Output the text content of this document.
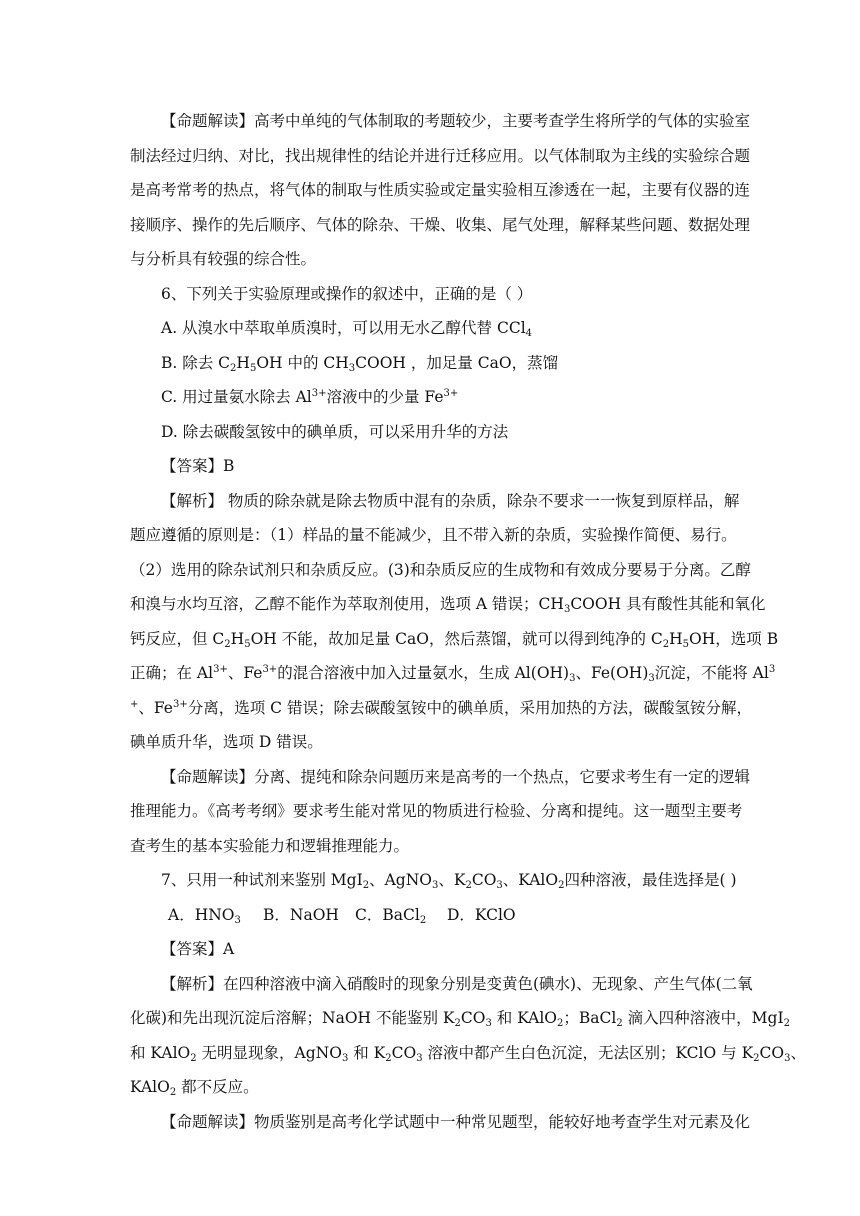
【命题解读】高考中单纯的气体制取的考题较少，主要考查学生将所学的气体的实验室
制法经过归纳、对比，找出规律性的结论并进行迁移应用。以气体制取为主线的实验综合题
是高考常考的热点，将气体的制取与性质实验或定量实验相互渗透在一起，主要有仪器的连
接顺序、操作的先后顺序、气体的除杂、干燥、收集、尾气处理，解释某些问题、数据处理
与分析具有较强的综合性。
6、下列关于实验原理或操作的叙述中，正确的是（ ）
A. 从溴水中萃取单质溴时，可以用无水乙醇代替 CCl$_4$
B. 除去 $C_2H_5OH$ 中的 $CH_3COOH$ ，加足量 CaO，蒸馏
C. 用过量氨水除去 $Al^{3+}$溶液中的少量 $Fe^{3+}$
D. 除去碳酸氢铵中的碘单质，可以采用升华的方法
【答案】B
【解析】 物质的除杂就是除去物质中混有的杂质，除杂不要求一一恢复到原样品，解
题应遵循的原则是：（1）样品的量不能减少，且不带入新的杂质，实验操作简便、易行。
（2）选用的除杂试剂只和杂质反应。(3)和杂质反应的生成物和有效成分要易于分离。乙醇
和溴与水均互溶，乙醇不能作为萃取剂使用，选项 A 错误；$CH_3COOH$ 具有酸性其能和氧化
钙反应，但 $C_2H_5OH$ 不能，故加足量 CaO，然后蒸馏，就可以得到纯净的 $C_2H_5OH$，选项 B
正确；在 $Al^{3+}$、$Fe^{3+}$的混合溶液中加入过量氨水，生成 $Al(OH)_3$、$Fe(OH)_3$沉淀，不能将 Al$^3$
+、$Fe^{3+}$分离，选项 C 错误；除去碳酸氢铵中的碘单质，采用加热的方法，碳酸氢铵分解，
碘单质升华，选项 D 错误。
【命题解读】分离、提纯和除杂问题历来是高考的一个热点，它要求考生有一定的逻辑
推理能力。《高考考纲》要求考生能对常见的物质进行检验、分离和提纯。这一题型主要考
查考生的基本实验能力和逻辑推理能力。
7、只用一种试剂来鉴别 MgI$_2$、AgNO$_3$、$K_2CO_3$、KAlO$_2$四种溶液，最佳选择是( )
A．$HNO_3$	B．NaOH	C．BaCl$_2$	D．KClO
【答案】A
【解析】在四种溶液中滴入硝酸时的现象分别是变黄色(碘水)、无现象、产生气体(二氧
化碳)和先出现沉淀后溶解；NaOH 不能鉴别 $K_2CO_3$ 和 KAlO$_2$；BaCl$_2$ 滴入四种溶液中，MgI$_2$
和 KAlO$_2$ 无明显现象，AgNO$_3$ 和 $K_2CO_3$ 溶液中都产生白色沉淀，无法区别；KClO 与 $K_2CO_3$、
KAlO$_2$ 都不反应。
【命题解读】物质鉴别是高考化学试题中一种常见题型，能较好地考查学生对元素及化
